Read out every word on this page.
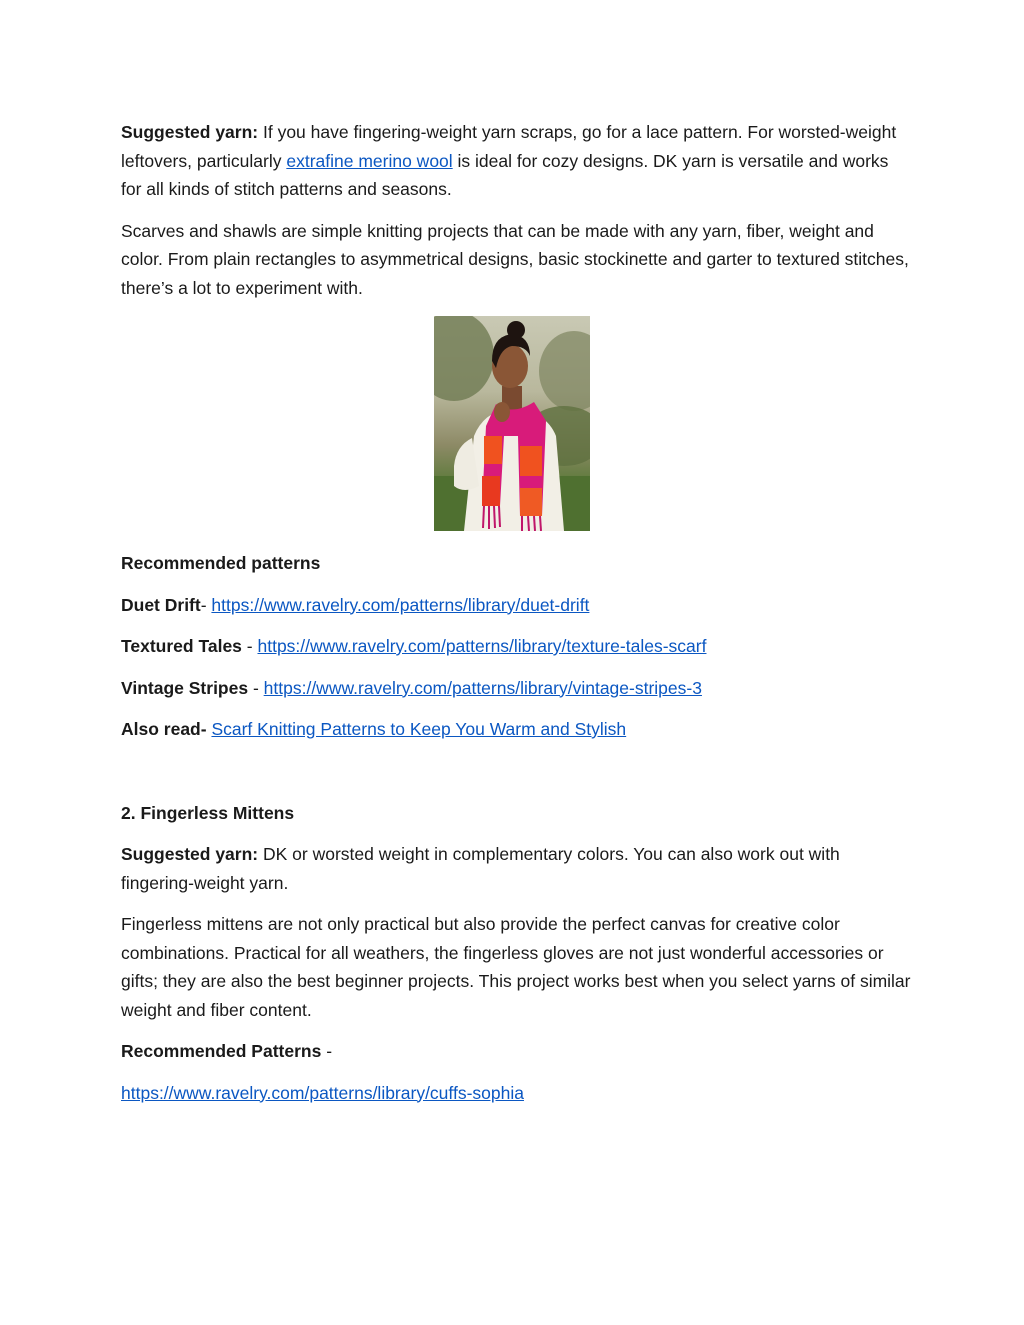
Suggested yarn: If you have fingering-weight yarn scraps, go for a lace pattern. For worsted-weight leftovers, particularly extrafine merino wool is ideal for cozy designs. DK yarn is versatile and works for all kinds of stitch patterns and seasons.

Scarves and shawls are simple knitting projects that can be made with any yarn, fiber, weight and color. From plain rectangles to asymmetrical designs, basic stockinette and garter to textured stitches, there’s a lot to experiment with.

Recommended patterns

Duet Drift- https://www.ravelry.com/patterns/library/duet-drift

Textured Tales - https://www.ravelry.com/patterns/library/texture-tales-scarf

Vintage Stripes - https://www.ravelry.com/patterns/library/vintage-stripes-3

Also read- Scarf Knitting Patterns to Keep You Warm and Stylish

2. Fingerless Mittens

Suggested yarn: DK or worsted weight in complementary colors. You can also work out with fingering-weight yarn.

Fingerless mittens are not only practical but also provide the perfect canvas for creative color combinations. Practical for all weathers, the fingerless gloves are not just wonderful accessories or gifts; they are also the best beginner projects. This project works best when you select yarns of similar weight and fiber content.

Recommended Patterns -

https://www.ravelry.com/patterns/library/cuffs-sophia
